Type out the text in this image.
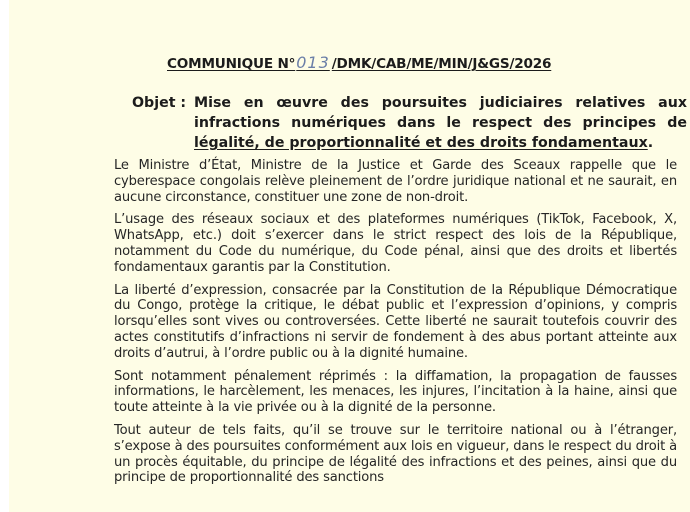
COMMUNIQUE N°013 /DMK/CAB/ME/MIN/J&GS/2026
Objet : Mise en œuvre des poursuites judiciaires relatives aux infractions numériques dans le respect des principes de légalité, de proportionnalité et des droits fondamentaux.

Le Ministre d’État, Ministre de la Justice et Garde des Sceaux rappelle que le cyberespace congolais relève pleinement de l’ordre juridique national et ne saurait, en aucune circonstance, constituer une zone de non-droit.

L’usage des réseaux sociaux et des plateformes numériques (TikTok, Facebook, X, WhatsApp, etc.) doit s’exercer dans le strict respect des lois de la République, notamment du Code du numérique, du Code pénal, ainsi que des droits et libertés fondamentaux garantis par la Constitution.

La liberté d’expression, consacrée par la Constitution de la République Démocratique du Congo, protège la critique, le débat public et l’expression d’opinions, y compris lorsqu’elles sont vives ou controversées. Cette liberté ne saurait toutefois couvrir des actes constitutifs d’infractions ni servir de fondement à des abus portant atteinte aux droits d’autrui, à l’ordre public ou à la dignité humaine.

Sont notamment pénalement réprimés : la diffamation, la propagation de fausses informations, le harcèlement, les menaces, les injures, l’incitation à la haine, ainsi que toute atteinte à la vie privée ou à la dignité de la personne.

Tout auteur de tels faits, qu’il se trouve sur le territoire national ou à l’étranger, s’expose à des poursuites conformément aux lois en vigueur, dans le respect du droit à un procès équitable, du principe de légalité des infractions et des peines, ainsi que du principe de proportionnalité des sanctions
